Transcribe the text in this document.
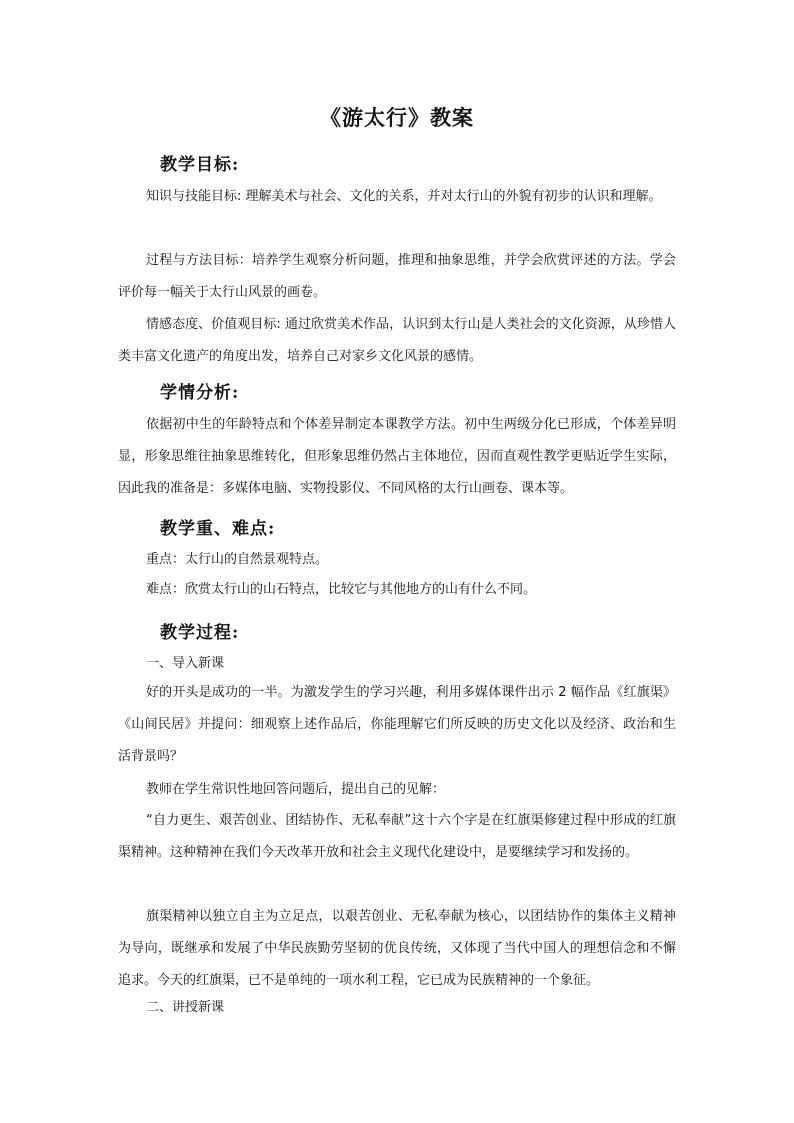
《游太行》教案
教学目标:

知识与技能目标: 理解美术与社会、文化的关系，并对太行山的外貌有初步的认识和理解。

过程与方法目标：培养学生观察分析问题，推理和抽象思维，并学会欣赏评述的方法。学会评价每一幅关于太行山风景的画卷。

情感态度、价值观目标: 通过欣赏美术作品，认识到太行山是人类社会的文化资源，从珍惜人类丰富文化遗产的角度出发，培养自己对家乡文化风景的感情。

学情分析:

依据初中生的年龄特点和个体差异制定本课教学方法。初中生两级分化已形成，个体差异明显，形象思维往抽象思维转化，但形象思维仍然占主体地位，因而直观性教学更贴近学生实际，因此我的准备是：多媒体电脑、实物投影仪、不同风格的太行山画卷、课本等。

教学重、难点:
重点：太行山的自然景观特点。
难点：欣赏太行山的山石特点，比较它与其他地方的山有什么不同。
教学过程:
一、导入新课

好的开头是成功的一半。为激发学生的学习兴趣，利用多媒体课件出示 2 幅作品《红旗渠》《山间民居》并提问：细观察上述作品后，你能理解它们所反映的历史文化以及经济、政治和生活背景吗？

教师在学生常识性地回答问题后，提出自己的见解：

“自力更生、艰苦创业、团结协作、无私奉献”这十六个字是在红旗渠修建过程中形成的红旗渠精神。这种精神在我们今天改革开放和社会主义现代化建设中，是要继续学习和发扬的。

旗渠精神以独立自主为立足点，以艰苦创业、无私奉献为核心，以团结协作的集体主义精神为导向，既继承和发展了中华民族勤劳坚韧的优良传统，又体现了当代中国人的理想信念和不懈追求。今天的红旗渠，已不是单纯的一项水利工程，它已成为民族精神的一个象征。

二、讲授新课
